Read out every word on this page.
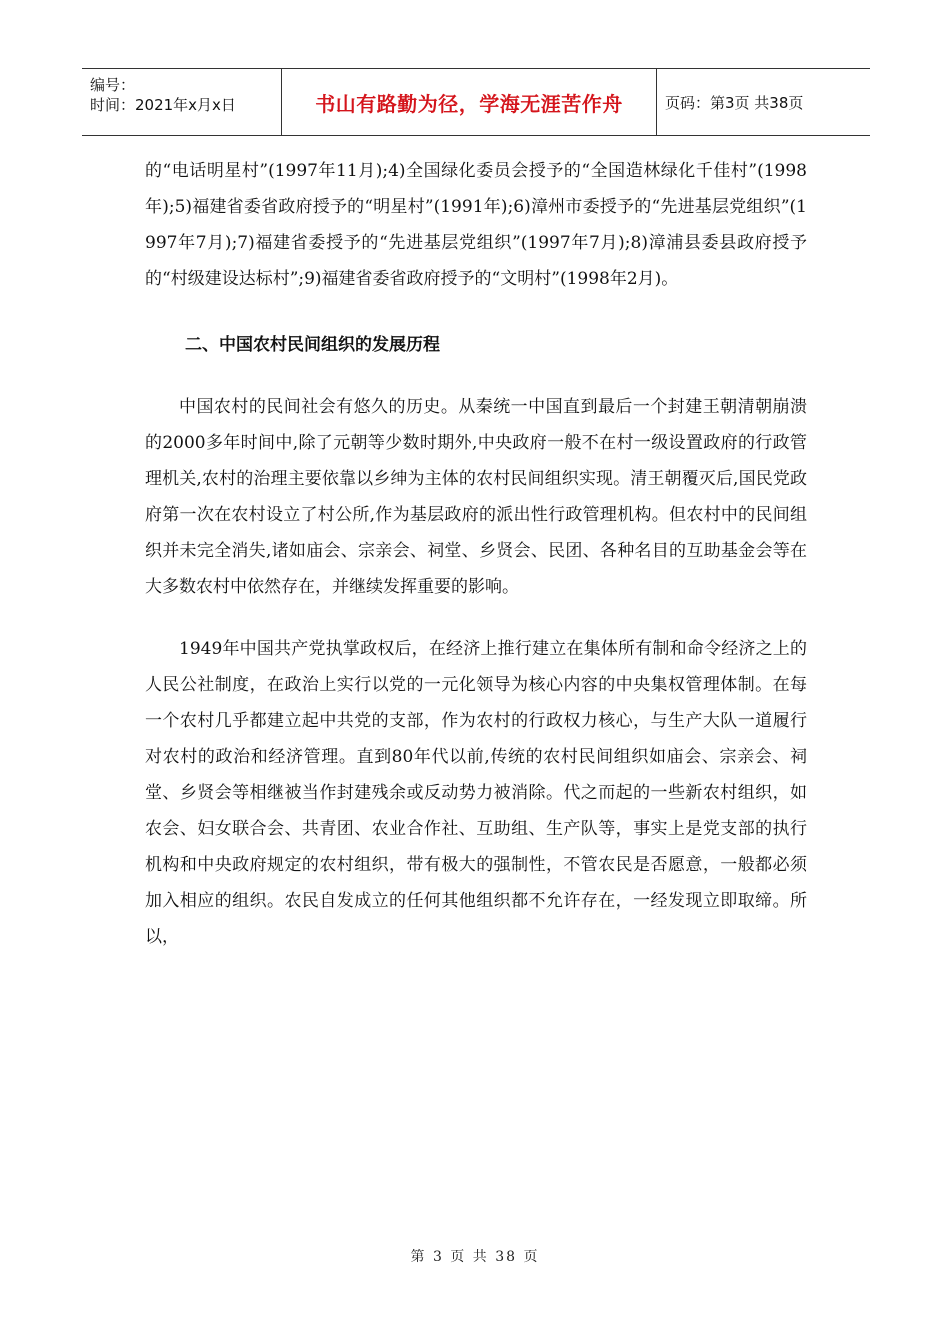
编号：
时间：2021年x月x日	书山有路勤为径，学海无涯苦作舟	页码：第3页 共38页

的“电话明星村”(1997年11月);4)全国绿化委员会授予的“全国造林绿化千佳村”(1998年);5)福建省委省政府授予的“明星村”(1991年);6)漳州市委授予的“先进基层党组织”(1997年7月);7)福建省委授予的“先进基层党组织”(1997年7月);8)漳浦县委县政府授予的“村级建设达标村”;9)福建省委省政府授予的“文明村”(1998年2月)。

二、中国农村民间组织的发展历程

中国农村的民间社会有悠久的历史。从秦统一中国直到最后一个封建王朝清朝崩溃的2000多年时间中,除了元朝等少数时期外,中央政府一般不在村一级设置政府的行政管理机关,农村的治理主要依靠以乡绅为主体的农村民间组织实现。清王朝覆灭后,国民党政府第一次在农村设立了村公所,作为基层政府的派出性行政管理机构。但农村中的民间组织并未完全消失,诸如庙会、宗亲会、祠堂、乡贤会、民团、各种名目的互助基金会等在大多数农村中依然存在，并继续发挥重要的影响。

1949年中国共产党执掌政权后，在经济上推行建立在集体所有制和命令经济之上的人民公社制度，在政治上实行以党的一元化领导为核心内容的中央集权管理体制。在每一个农村几乎都建立起中共党的支部，作为农村的行政权力核心，与生产大队一道履行对农村的政治和经济管理。直到80年代以前,传统的农村民间组织如庙会、宗亲会、祠堂、乡贤会等相继被当作封建残余或反动势力被消除。代之而起的一些新农村组织，如农会、妇女联合会、共青团、农业合作社、互助组、生产队等，事实上是党支部的执行机构和中央政府规定的农村组织，带有极大的强制性，不管农民是否愿意，一般都必须加入相应的组织。农民自发成立的任何其他组织都不允许存在，一经发现立即取缔。所以，

第 3 页 共 38 页
